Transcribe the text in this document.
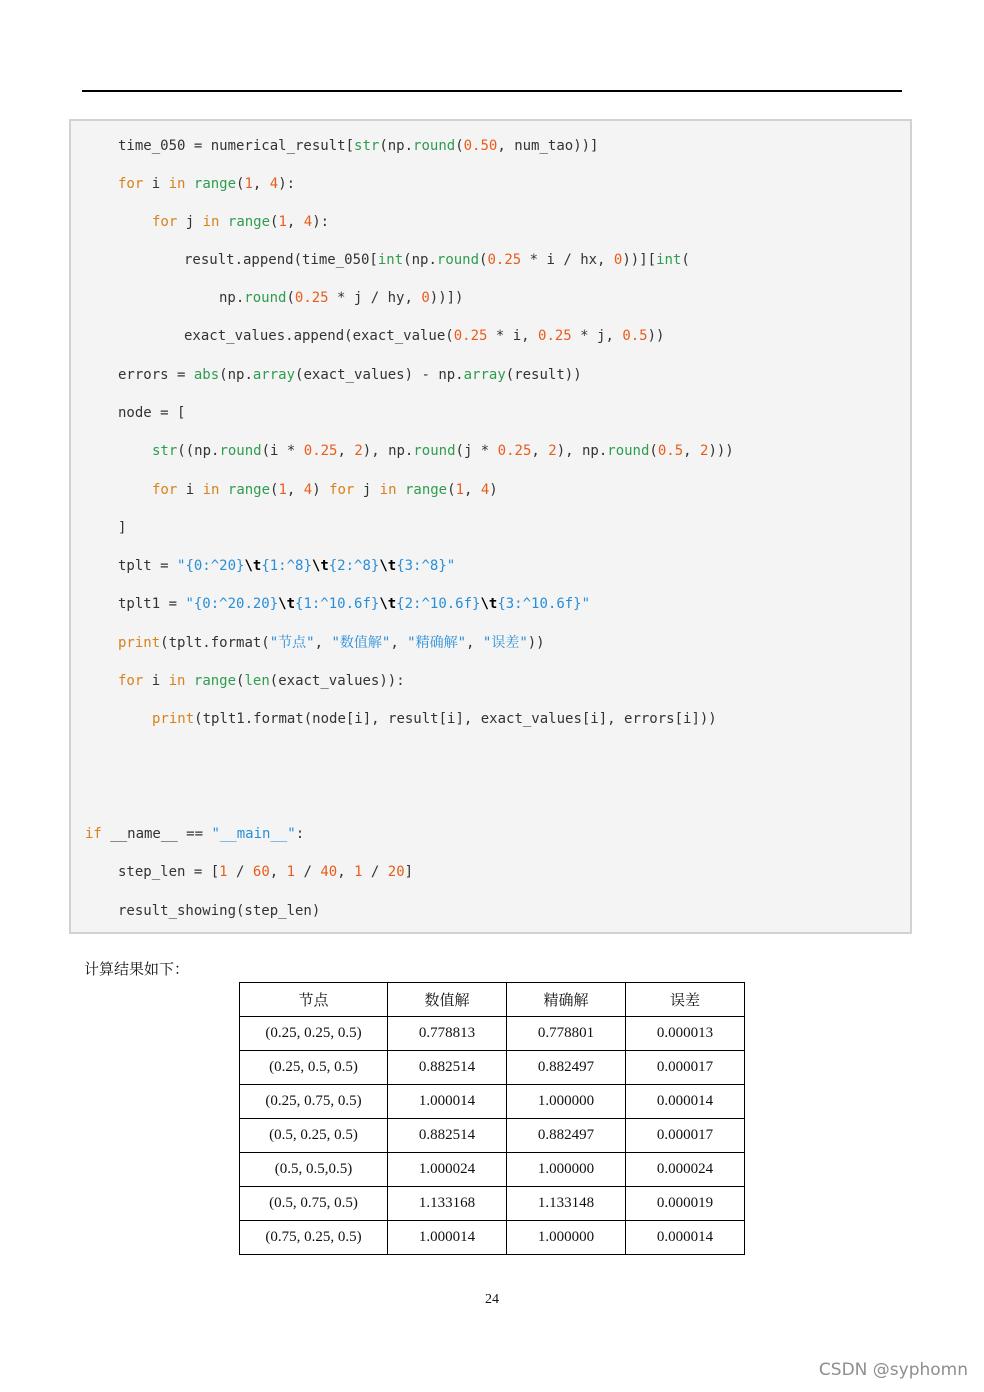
time_050 = numerical_result[str(np.round(0.50, num_tao))]
for i in range(1, 4):
for j in range(1, 4):
result.append(time_050[int(np.round(0.25 * i / hx, 0))][int(
np.round(0.25 * j / hy, 0))])
exact_values.append(exact_value(0.25 * i, 0.25 * j, 0.5))
errors = abs(np.array(exact_values) - np.array(result))
node = [
str((np.round(i * 0.25, 2), np.round(j * 0.25, 2), np.round(0.5, 2)))
for i in range(1, 4) for j in range(1, 4)
]
tplt = "{0:^20}\t{1:^8}\t{2:^8}\t{3:^8}"
tplt1 = "{0:^20.20}\t{1:^10.6f}\t{2:^10.6f}\t{3:^10.6f}"
print(tplt.format("节点", "数值解", "精确解", "误差"))
for i in range(len(exact_values)):
print(tplt1.format(node[i], result[i], exact_values[i], errors[i]))
if __name__ == "__main__":
step_len = [1 / 60, 1 / 40, 1 / 20]
result_showing(step_len)
计算结果如下：
节点	数值解	精确解	误差
(0.25, 0.25, 0.5)	0.778813	0.778801	0.000013
(0.25, 0.5, 0.5)	0.882514	0.882497	0.000017
(0.25, 0.75, 0.5)	1.000014	1.000000	0.000014
(0.5, 0.25, 0.5)	0.882514	0.882497	0.000017
(0.5, 0.5,0.5)	1.000024	1.000000	0.000024
(0.5, 0.75, 0.5)	1.133168	1.133148	0.000019
(0.75, 0.25, 0.5)	1.000014	1.000000	0.000014
24
CSDN @syphomn
